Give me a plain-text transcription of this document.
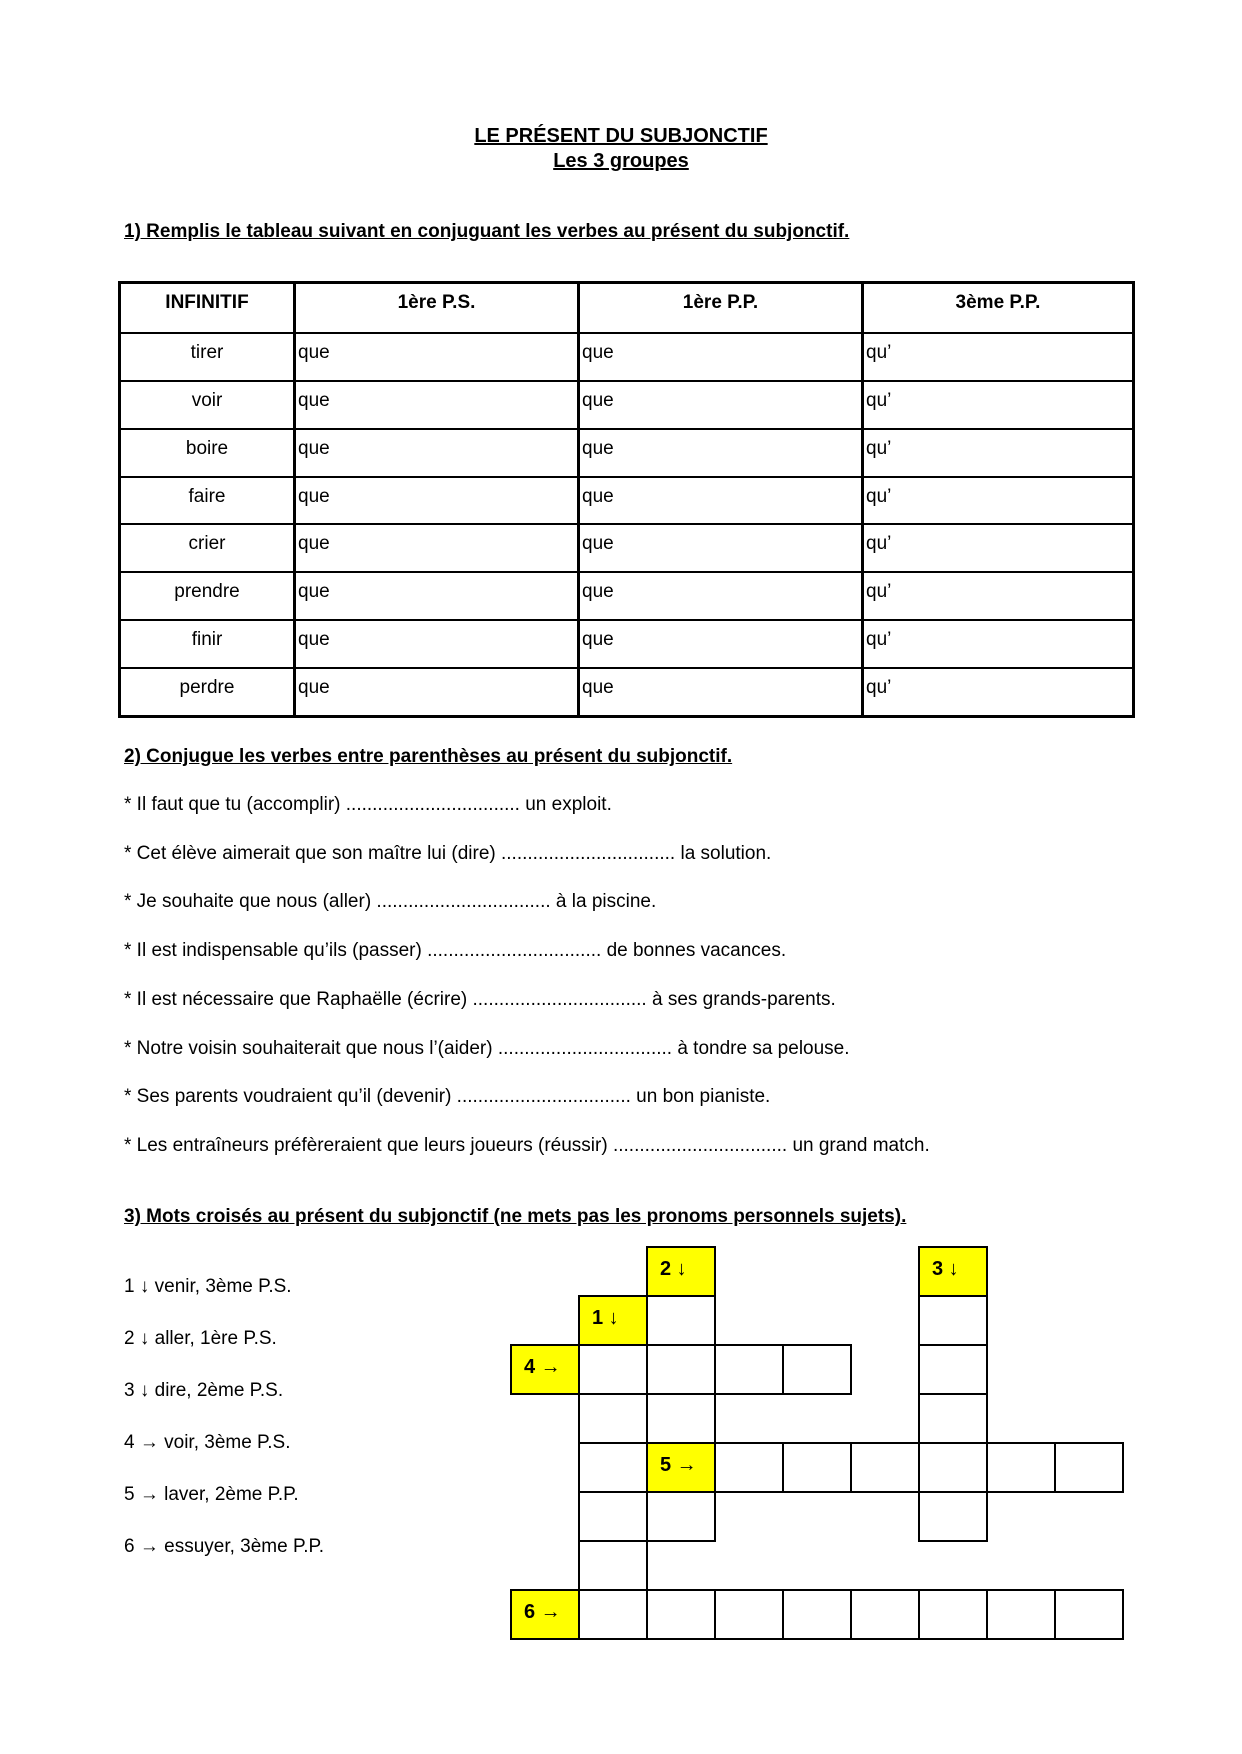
LE PRÉSENT DU SUBJONCTIF
Les 3 groupes
1) Remplis le tableau suivant en conjuguant les verbes au présent du subjonctif.
INFINITIF	1ère P.S.	1ère P.P.	3ème P.P.
tirer	que	que	qu’
voir	que	que	qu’
boire	que	que	qu’
faire	que	que	qu’
crier	que	que	qu’
prendre	que	que	qu’
finir	que	que	qu’
perdre	que	que	qu’
2) Conjugue les verbes entre parenthèses au présent du subjonctif.
* Il faut que tu (accomplir) ................................. un exploit.
* Cet élève aimerait que son maître lui (dire) ................................. la solution.
* Je souhaite que nous (aller) ................................. à la piscine.
* Il est indispensable qu’ils (passer) ................................. de bonnes vacances.
* Il est nécessaire que Raphaëlle (écrire) ................................. à ses grands-parents.
* Notre voisin souhaiterait que nous l’(aider) ................................. à tondre sa pelouse.
* Ses parents voudraient qu’il (devenir) ................................. un bon pianiste.
* Les entraîneurs préfèreraient que leurs joueurs (réussir) ................................. un grand match.
3) Mots croisés au présent du subjonctif (ne mets pas les pronoms personnels sujets).
1 ↓ venir, 3ème P.S.
2 ↓ aller, 1ère P.S.
3 ↓ dire, 2ème P.S.
4 → voir, 3ème P.S.
5 → laver, 2ème P.P.
6 → essuyer, 3ème P.P.
2 ↓	3 ↓
1 ↓
4 →
5 →
6 →
